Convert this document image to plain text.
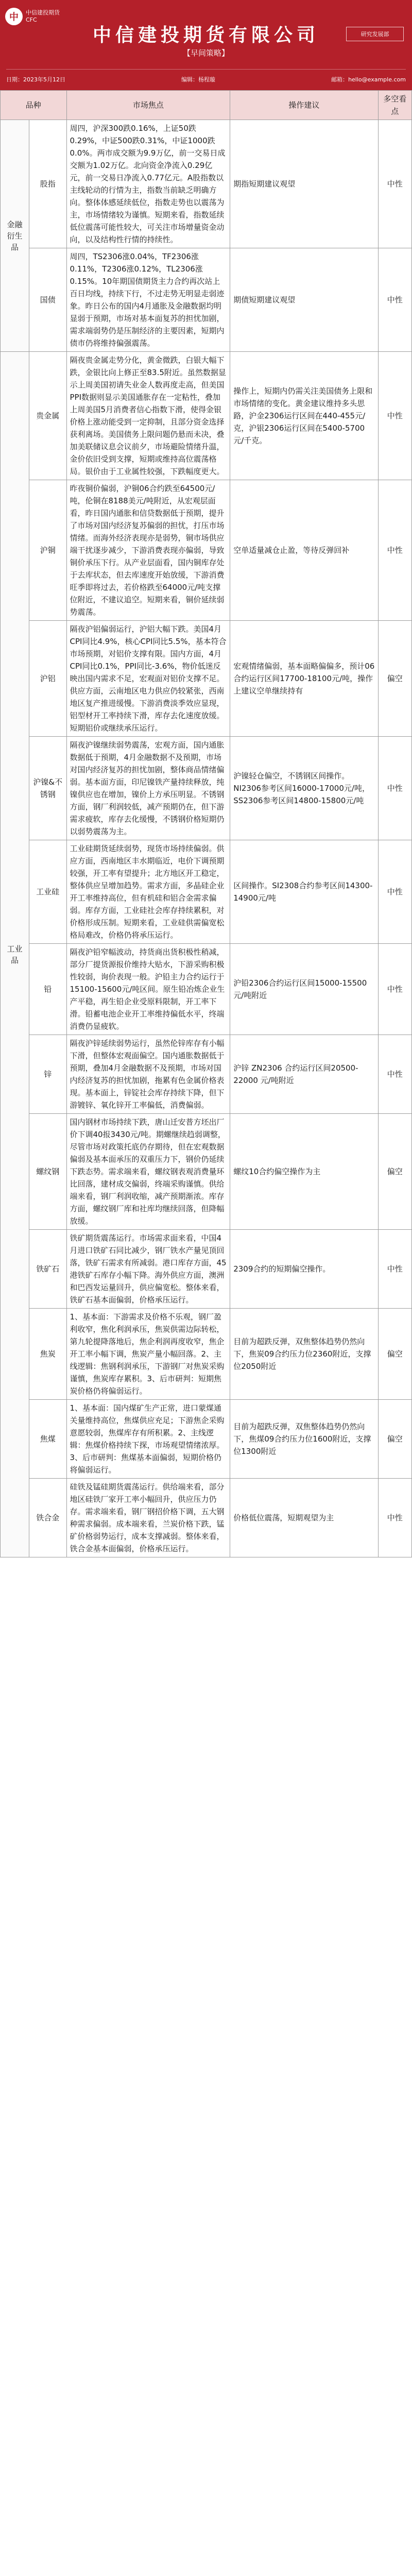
中	中信建投期货
CFC
中信建投期货有限公司
【早间策略】
研究发展部
日期：2023年5月12日	编辑：杨程璇	邮箱：hello@example.com
品种		市场焦点	操作建议	多空看点
金融衍生品	股指	周四，沪深300跌0.16%，上证50跌0.29%，中证500跌0.31%，中证1000跌0.0%。两市成交额为9.9万亿，前一交易日成交额为1.02万亿。北向资金净流入0.29亿元，前一交易日净流入0.77亿元。A股指数以主线轮动的行情为主，指数当前缺乏明确方向。整体体感延续低位，指数走势也以震荡为主，市场情绪较为谨慎。短期来看，指数延续低位震荡可能性较大，可关注市场增量资金动向，以及结构性行情的持续性。	期指短期建议观望	中性
	国债	周四，TS2306涨0.04%，TF2306涨0.11%，T2306涨0.12%，TL2306涨0.15%。10年期国债期货主力合约再次站上百日均线，持续下行，不过走势无明显走弱迹象。昨日公布的国内4月通胀及金融数据均明显弱于预期，市场对基本面复苏的担忧加剧，需求端弱势仍是压制经济的主要因素，短期内债市仍将维持偏强震荡。	期债短期建议观望	中性
工业品	贵金属	隔夜贵金属走势分化，黄金微跌，白银大幅下跌，金银比向上修正至83.5附近。虽然数据显示上周美国初请失业金人数再度走高，但美国PPI数据则显示美国通胀存在一定粘性，叠加上周美国5月消费者信心指数下滑，使得金银价格上涨动能受到一定抑制，且部分资金选择获利离场。美国债务上限问题仍悬而未决，叠加美联储议息会议前夕，市场避险情绪升温，金价依旧受到支撑，短期或维持高位震荡格局。银价由于工业属性较强，下跌幅度更大。	操作上，短期内仍需关注美国债务上限和市场情绪的变化。黄金建议维持多头思路，沪金2306运行区间在440-455元/克，沪银2306运行区间在5400-5700元/千克。	中性
	沪铜	昨夜铜价偏弱，沪铜06合约跌至64500元/吨，伦铜在8188美元/吨附近，从宏观层面看，昨日国内通胀和信贷数据低于预期，提升了市场对国内经济复苏偏弱的担忧，打压市场情绪。而海外经济表现亦是弱势，铜市场供应端干扰逐步减少，下游消费表现亦偏弱，导致铜价承压下行。从产业层面看，国内铜库存处于去库状态，但去库速度开始放缓，下游消费旺季即将过去，若价格跌至64000元/吨支撑位附近，不建议追空。短期来看，铜价延续弱势震荡。	空单适量减仓止盈，等待反弹回补	中性
	沪铝	隔夜沪铝偏弱运行，沪铝大幅下跌。美国4月CPI同比4.9%，核心CPI同比5.5%，基本符合市场预期，对铝价支撑有限。国内方面，4月CPI同比0.1%，PPI同比-3.6%，物价低迷反映出国内需求不足，宏观面对铝价支撑不足。供应方面，云南地区电力供应仍较紧张，西南地区复产推进缓慢。下游消费淡季效应显现，铝型材开工率持续下滑，库存去化速度放缓。短期铝价或继续承压运行。	宏观情绪偏弱，基本面略偏偏多，预计06合约运行区间17700-18100元/吨，操作上建议空单继续持有	偏空
	沪镍&不锈钢	隔夜沪镍继续弱势震荡，宏观方面，国内通胀数据低于预期，4月金融数据不及预期，市场对国内经济复苏的担忧加剧，整体商品情绪偏弱。基本面方面，印尼镍铁产量持续释放，纯镍供应也在增加，镍价上方承压明显。不锈钢方面，钢厂利润较低，减产预期仍在，但下游需求疲软，库存去化缓慢，不锈钢价格短期仍以弱势震荡为主。	沪镍轻仓偏空，不锈钢区间操作。NI2306参考区间16000-17000元/吨，SS2306参考区间14800-15800元/吨	中性
	工业硅	工业硅期货延续弱势，现货市场持续偏弱。供应方面，西南地区丰水期临近，电价下调预期较强，开工率有望提升；北方地区开工稳定，整体供应呈增加趋势。需求方面，多晶硅企业开工率维持高位，但有机硅和铝合金需求偏弱。库存方面，工业硅社会库存持续累积，对价格形成压制。短期来看，工业硅供需偏宽松格局难改，价格仍将承压运行。	区间操作。SI2308合约参考区间14300-14900元/吨	中性
	铅	隔夜沪铅窄幅波动，持货商出货积极性稍减，部分厂提货源报价维持大贴水，下游采购积极性较弱，询价表现一般。沪铅主力合约运行于15100-15600元/吨区间。原生铅冶炼企业生产平稳，再生铅企业受原料限制，开工率下滑。铅蓄电池企业开工率维持偏低水平，终端消费仍显疲软。	沪铅2306合约运行区间15000-15500元/吨附近	中性
	锌	隔夜沪锌延续弱势运行，虽然伦锌库存有小幅下滑，但整体宏观面偏空。国内通胀数据低于预期，叠加4月金融数据不及预期，市场对国内经济复苏的担忧加剧，拖累有色金属价格表现。基本面上，锌锭社会库存持续下降，但下游镀锌、氧化锌开工率偏低，消费偏弱。	沪锌 ZN2306 合约运行区间20500-22000 元/吨附近	中性
	螺纹钢	国内钢材市场持续下跌，唐山迁安普方坯出厂价下调40报3430元/吨。期螺继续趋弱调整，尽管市场对政策托底仍存期待，但在宏观数据偏弱及基本面承压的双重压力下，钢价仍延续下跌态势。需求端来看，螺纹钢表观消费量环比回落，建材成交偏弱，终端采购谨慎。供给端来看，钢厂利润收缩，减产预期渐浓。库存方面，螺纹钢厂库和社库均继续回落，但降幅放缓。	螺纹10合约偏空操作为主	偏空
	铁矿石	铁矿期货震荡运行。市场需求面来看，中国4月进口铁矿石同比减少，钢厂铁水产量见顶回落，铁矿石需求有所减弱。港口库存方面，45港铁矿石库存小幅下降。海外供应方面，澳洲和巴西发运量回升，供应偏宽松。整体来看，铁矿石基本面偏弱，价格承压运行。	2309合约的短期偏空操作。	中性
	焦炭	1、基本面：下游需求及价格不乐观，钢厂盈利收窄，焦化利润承压，焦炭供需边际转松，第九轮提降落地后，焦企利润再度收窄，焦企开工率小幅下调，焦炭产量小幅回落。2、主线逻辑：焦钢利润承压，下游钢厂对焦炭采购谨慎，焦炭库存累积。3、后市研判：短期焦炭价格仍将偏弱运行。	目前为超跌反弹，双焦整体趋势仍然向下，焦炭09合约压力位2360附近，支撑位2050附近	偏空
	焦煤	1、基本面：国内煤矿生产正常，进口蒙煤通关量维持高位，焦煤供应充足；下游焦企采购意愿较弱，焦煤库存有所积累。2、主线逻辑：焦煤价格持续下探，市场观望情绪浓厚。3、后市研判：焦煤基本面偏弱，短期价格仍将偏弱运行。	目前为超跌反弹，双焦整体趋势仍然向下，焦煤09合约压力位1600附近，支撑位1300附近	偏空
	铁合金	硅铁及锰硅期货震荡运行。供给端来看，部分地区硅铁厂家开工率小幅回升，供应压力仍存。需求端来看，钢厂钢招价格下调，五大钢种需求偏弱。成本端来看，兰炭价格下跌，锰矿价格弱势运行，成本支撑减弱。整体来看，铁合金基本面偏弱，价格承压运行。	价格低位震荡，短期观望为主	中性
